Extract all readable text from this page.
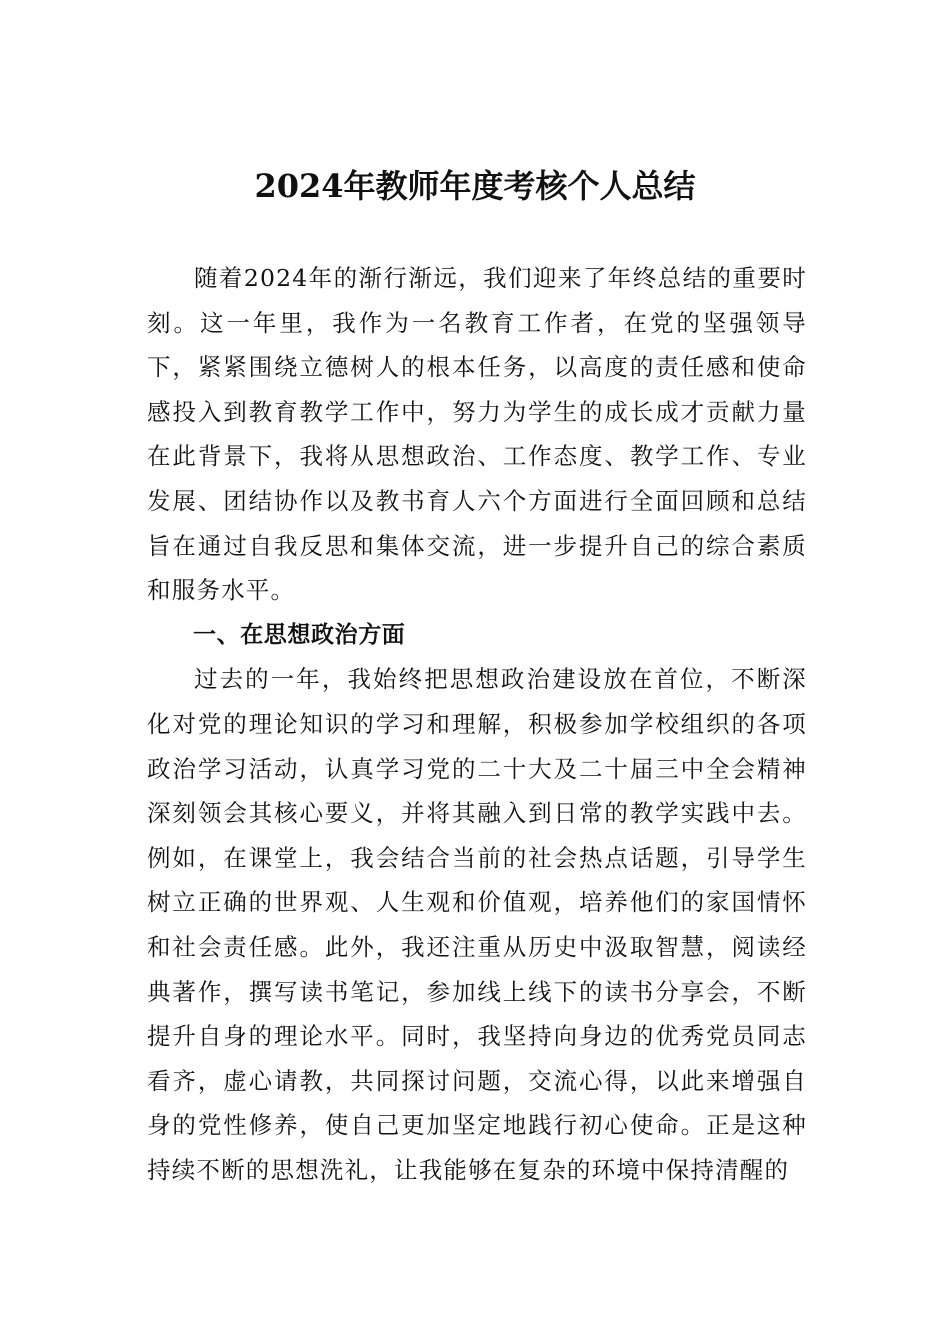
2024年教师年度考核个人总结

随着2024年的渐行渐远，我们迎来了年终总结的重要时刻。这一年里，我作为一名教育工作者，在党的坚强领导下，紧紧围绕立德树人的根本任务，以高度的责任感和使命感投入到教育教学工作中，努力为学生的成长成才贡献力量在此背景下，我将从思想政治、工作态度、教学工作、专业发展、团结协作以及教书育人六个方面进行全面回顾和总结旨在通过自我反思和集体交流，进一步提升自己的综合素质和服务水平。

一、在思想政治方面

过去的一年，我始终把思想政治建设放在首位，不断深化对党的理论知识的学习和理解，积极参加学校组织的各项政治学习活动，认真学习党的二十大及二十届三中全会精神深刻领会其核心要义，并将其融入到日常的教学实践中去。例如，在课堂上，我会结合当前的社会热点话题，引导学生树立正确的世界观、人生观和价值观，培养他们的家国情怀和社会责任感。此外，我还注重从历史中汲取智慧，阅读经典著作，撰写读书笔记，参加线上线下的读书分享会，不断提升自身的理论水平。同时，我坚持向身边的优秀党员同志看齐，虚心请教，共同探讨问题，交流心得，以此来增强自身的党性修养，使自己更加坚定地践行初心使命。正是这种持续不断的思想洗礼，让我能够在复杂的环境中保持清醒的
